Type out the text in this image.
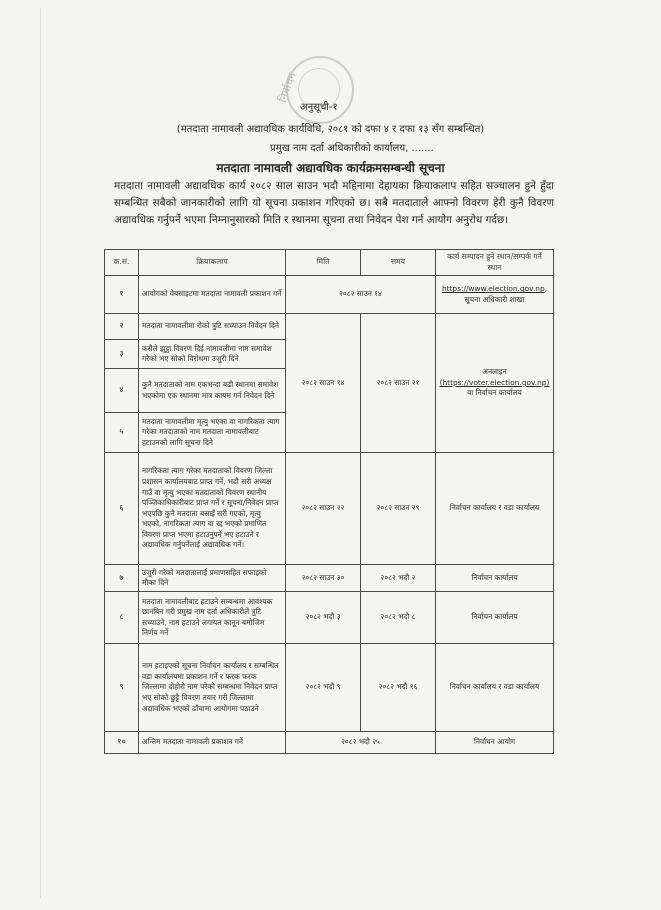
निर्वाचन
अनुसूची-१
(मतदाता नामावली अद्यावधिक कार्यविधि, २०८१ को दफा ४ र दफा १३ सँग सम्बन्धित)
प्रमुख नाम दर्ता अधिकारीको कार्यालय, .......
मतदाता नामावली अद्यावधिक कार्यक्रमसम्बन्धी सूचना
मतदाता नामावली अद्यावधिक कार्य २०८२ साल साउन भदौ महिनामा देहायका क्रियाकलाप सहित सञ्चालन हुने हुँदा सम्बन्धित सबैको जानकारीको लागि यो सूचना प्रकाशन गरिएको छ। सबै मतदाताले आफ्नो विवरण हेरी कुनै विवरण अद्यावधिक गर्नुपर्ने भएमा निम्नानुसारको मिति र स्थानमा सूचना तथा निवेदन पेश गर्न आयोग अनुरोध गर्दछ।
क.सं.	क्रियाकलाप	मिति	समय	कार्य सम्पादन हुने स्थान/सम्पर्क गर्ने स्थान
१	आयोगको वेबसाइटमा मतदाता नामावली प्रकाशन गर्ने	२०८२ साउन १४		https://www.election.gov.np, सूचना अधिकारी शाखा
२	मतदाता नामावलीमा रोको त्रुटि सच्याउन निवेदन दिने	२०८२ साउन १४	२०८२ साउन २१	अनलाइन
(https://voter.election.gov.np)
वा निर्वाचन कार्यालय

३	कसैले झुट्ठा विवरण दिई नामावलीमा नाम समावेश गरेको भए सोको विरोधमा उजुरी दिने			
४	कुनै मतदाताको नाम एकभन्दा बढी स्थानमा समावेश भएकोमा एक स्थानमा मात्र कायम गर्न निवेदन दिने			
५	मतदाता नामावलीमा मृत्यु भएका वा नागरिकता त्याग गरेका मतदाताको नाम मतदाता नामावलीबाट हटाउनको लागि सूचना दिने			
६	नागरिकता त्याग गरेका मतदाताको विवरण जिल्ला प्रशासन कार्यालयबाट प्राप्त गर्ने, भदौ सरी अध्यक्ष गाउँ वा मृत्यु भएका मतदाताको विवरण स्थानीय पञ्जिकाधिकारीबाट प्राप्त गर्ने र सूचना/निवेदन प्राप्त भएपछि कुनै मतदाता बसाइँ सरी गएको, मृत्यु भएको, नागरिकता त्याग वा रद्द भएको प्रमाणित विवरण प्राप्त भएमा हटाउनुपर्ने भए हटाउने र अद्यावधिक गर्नुपर्नेलाई अद्यावधिक गर्ने।	२०८२ साउन २२	२०८२ साउन २९	निर्वाचन कार्यालय र वडा कार्यालय
७	उजुरी गरेको मतदातालाई प्रमाणसहित सफाइको मौका दिने	२०८२ साउन ३०	२०८२ भदौ २	निर्वाचन कार्यालय
८	मतदाता नामावलीबाट हटाउने सम्बन्धमा आवश्यक छानबिन गरी प्रमुख नाम दर्ता अधिकारीले त्रुटि सच्याउने, नाम हटाउने लगायत कानून बमोजिम निर्णय गर्ने	२०८२ भदौ ३	२०८२ भदौ ८	निर्वाचन कार्यालय
९	नाम हटाइएको सूचना निर्वाचन कार्यालय र सम्बन्धित वडा कार्यालयमा प्रकाशन गर्ने र फरक फरक जिल्लामा दोहोरो नाम परेको सम्बन्धमा निवेदन प्राप्त भए सोको छुट्टै विवरण तयार गरी जिल्लामा अद्यावधिक भएको ढाँचामा आयोगमा पठाउने	२०८२ भदौ ९	२०८२ भदौ १६	निर्वाचन कार्यालय र वडा कार्यालय
१०	अन्तिम मतदाता नामावली प्रकाशन गर्ने	२०८२ भदौ २५		निर्वाचन आयोग
